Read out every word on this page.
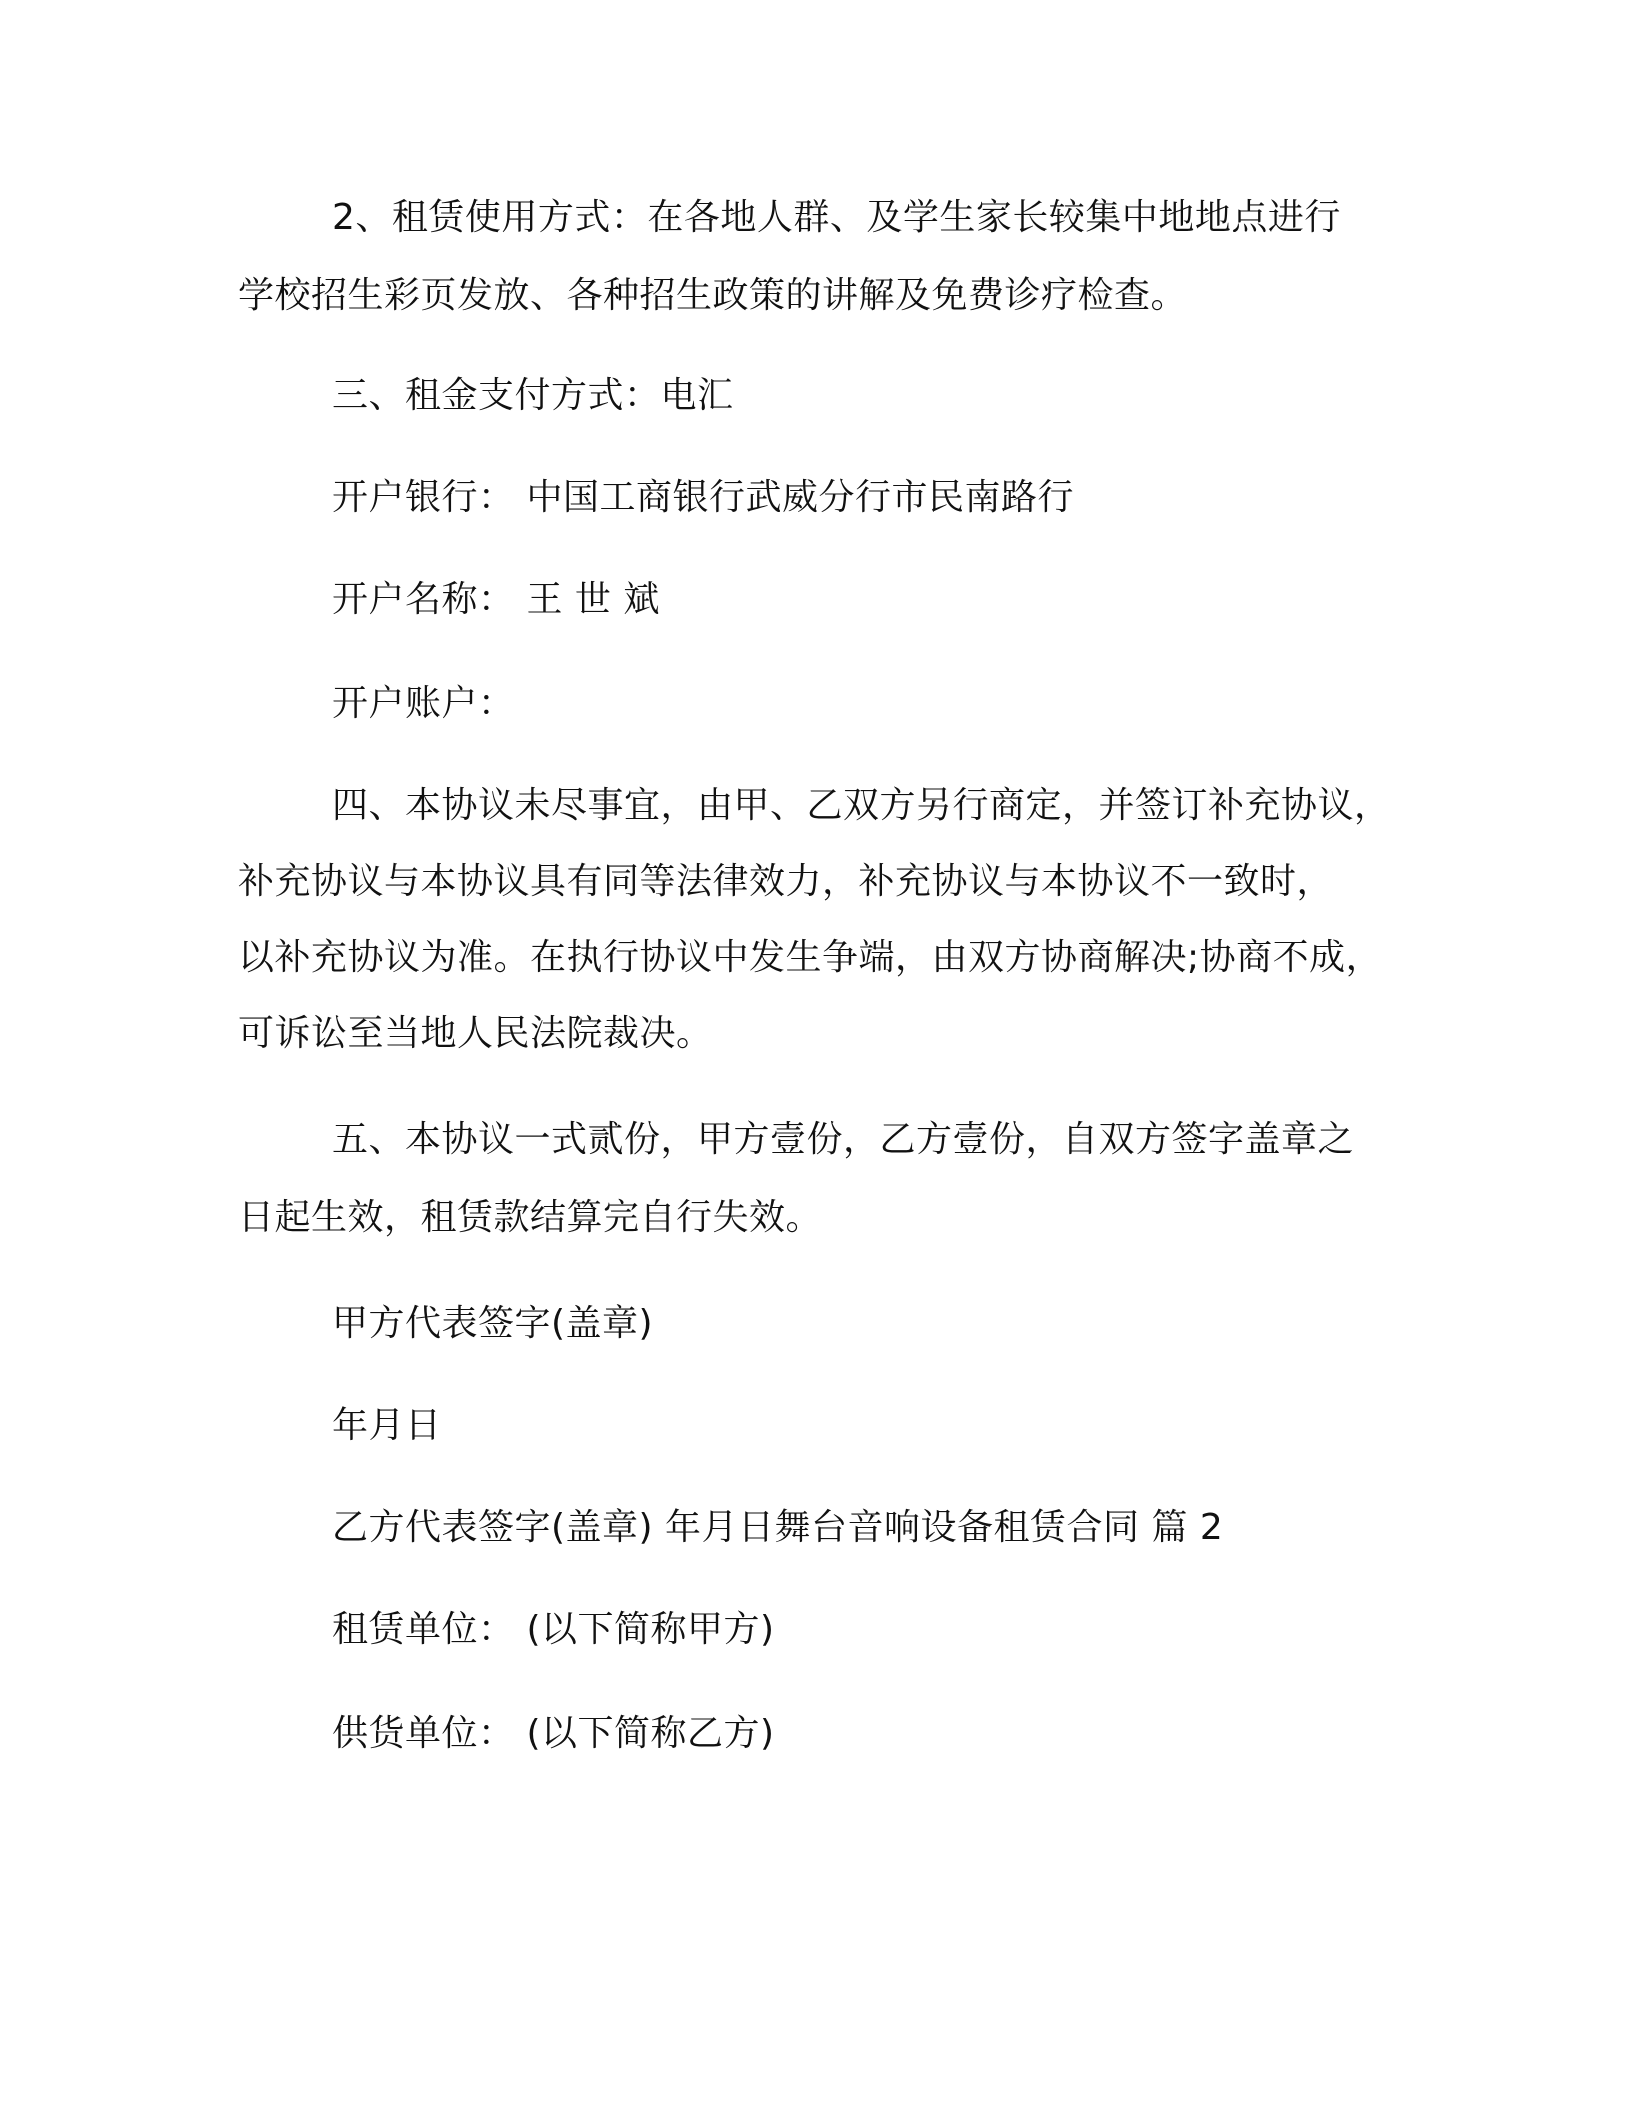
2、租赁使用方式：在各地人群、及学生家长较集中地地点进行
学校招生彩页发放、各种招生政策的讲解及免费诊疗检查。
三、租金支付方式：电汇
开户银行： 中国工商银行武威分行市民南路行
开户名称： 王 世 斌
开户账户：
四、本协议未尽事宜，由甲、乙双方另行商定，并签订补充协议，
补充协议与本协议具有同等法律效力，补充协议与本协议不一致时，
以补充协议为准。在执行协议中发生争端，由双方协商解决;协商不成，
可诉讼至当地人民法院裁决。
五、本协议一式贰份，甲方壹份，乙方壹份，自双方签字盖章之
日起生效，租赁款结算完自行失效。
甲方代表签字(盖章)
年月日
乙方代表签字(盖章) 年月日舞台音响设备租赁合同 篇 2
租赁单位： (以下简称甲方)
供货单位： (以下简称乙方)
